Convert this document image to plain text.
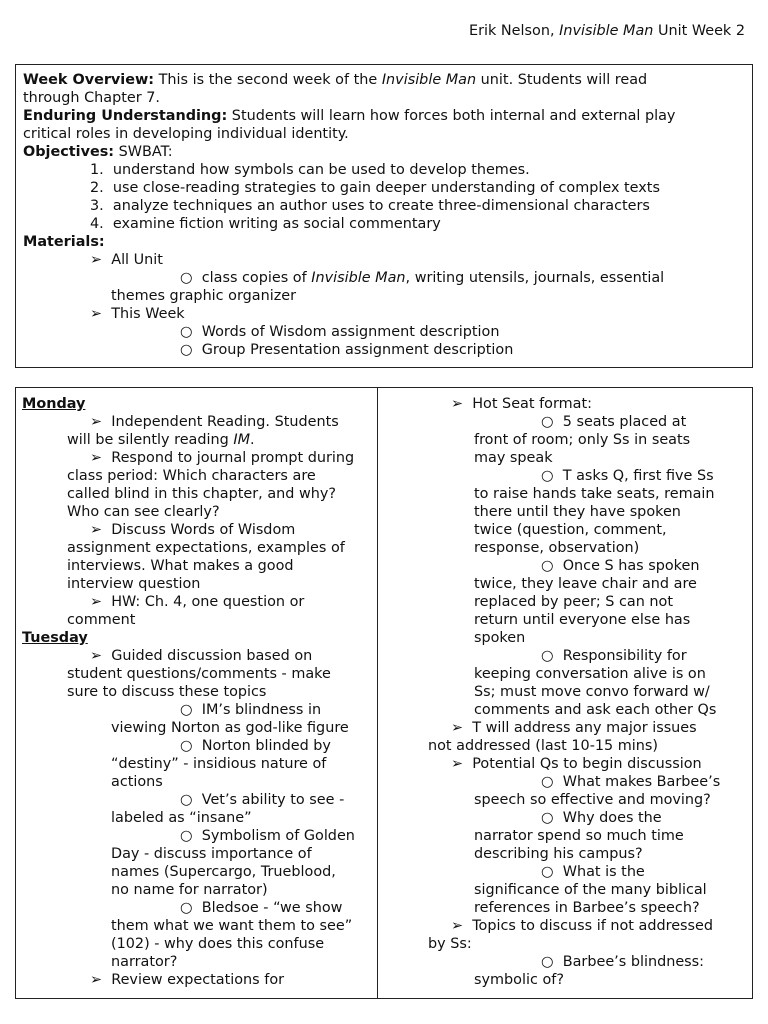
Erik Nelson, Invisible Man Unit Week 2
Week Overview: This is the second week of the Invisible Man unit. Students will read
through Chapter 7.
Enduring Understanding: Students will learn how forces both internal and external play
critical roles in developing individual identity.
Objectives: SWBAT:
1.  understand how symbols can be used to develop themes.
2.  use close-reading strategies to gain deeper understanding of complex texts
3.  analyze techniques an author uses to create three-dimensional characters
4.  examine fiction writing as social commentary
Materials:
➢ All Unit
○ class copies of Invisible Man, writing utensils, journals, essential
themes graphic organizer
➢ This Week
○ Words of Wisdom assignment description
○ Group Presentation assignment description
Monday
➢ Independent Reading. Students
will be silently reading IM.
➢ Respond to journal prompt during
class period: Which characters are
called blind in this chapter, and why?
Who can see clearly?
➢ Discuss Words of Wisdom
assignment expectations, examples of
interviews. What makes a good
interview question
➢ HW: Ch. 4, one question or
comment
Tuesday
➢ Guided discussion based on
student questions/comments - make
sure to discuss these topics
○ IM’s blindness in
viewing Norton as god-like figure
○ Norton blinded by
“destiny” - insidious nature of
actions
○ Vet’s ability to see -
labeled as “insane”
○ Symbolism of Golden
Day - discuss importance of
names (Supercargo, Trueblood,
no name for narrator)
○ Bledsoe - “we show
them what we want them to see”
(102) - why does this confuse
narrator?
➢ Review expectations for
➢ Hot Seat format:
○ 5 seats placed at
front of room; only Ss in seats
may speak
○ T asks Q, first five Ss
to raise hands take seats, remain
there until they have spoken
twice (question, comment,
response, observation)
○ Once S has spoken
twice, they leave chair and are
replaced by peer; S can not
return until everyone else has
spoken
○ Responsibility for
keeping conversation alive is on
Ss; must move convo forward w/
comments and ask each other Qs
➢ T will address any major issues
not addressed (last 10-15 mins)
➢ Potential Qs to begin discussion
○ What makes Barbee’s
speech so effective and moving?
○ Why does the
narrator spend so much time
describing his campus?
○ What is the
significance of the many biblical
references in Barbee’s speech?
➢ Topics to discuss if not addressed
by Ss:
○ Barbee’s blindness:
symbolic of?
